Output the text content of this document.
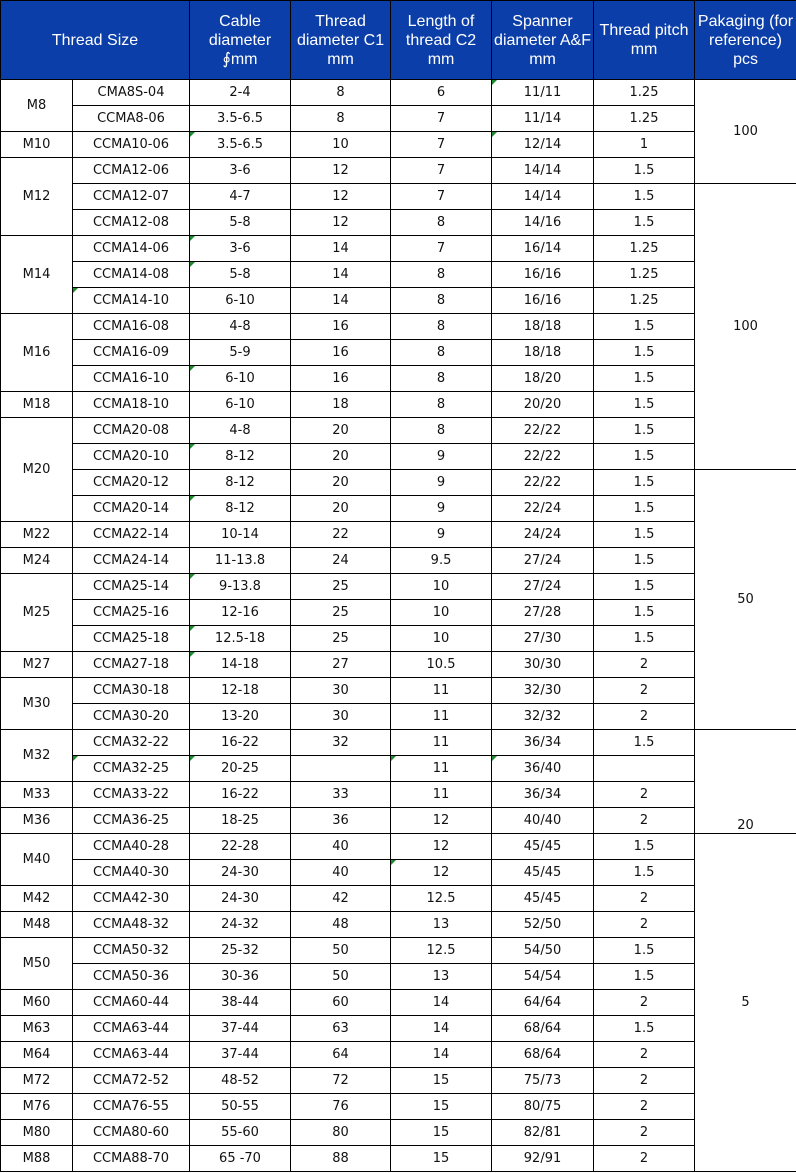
Thread Size		Cable diameter ∮mm	Thread diameter C1 mm	Length of thread C2 mm	Spanner diameter A&F mm	Thread pitch mm	Pakaging (for reference) pcs
M8	CMA8S-04	2-4	8	6	11/11	1.25	100
	CCMA8-06	3.5-6.5	8	7	11/14	1.25	
M10	CCMA10-06	3.5-6.5	10	7	12/14	1	
M12	CCMA12-06	3-6	12	7	14/14	1.5	
	CCMA12-07	4-7	12	7	14/14	1.5	100
	CCMA12-08	5-8	12	8	14/16	1.5	
M14	CCMA14-06	3-6	14	7	16/14	1.25	
	CCMA14-08	5-8	14	8	16/16	1.25	
	CCMA14-10	6-10	14	8	16/16	1.25	
M16	CCMA16-08	4-8	16	8	18/18	1.5	
	CCMA16-09	5-9	16	8	18/18	1.5	
	CCMA16-10	6-10	16	8	18/20	1.5	
M18	CCMA18-10	6-10	18	8	20/20	1.5	
M20	CCMA20-08	4-8	20	8	22/22	1.5	
	CCMA20-10	8-12	20	9	22/22	1.5	
	CCMA20-12	8-12	20	9	22/22	1.5	50
	CCMA20-14	8-12	20	9	22/24	1.5	
M22	CCMA22-14	10-14	22	9	24/24	1.5	
M24	CCMA24-14	11-13.8	24	9.5	27/24	1.5	
M25	CCMA25-14	9-13.8	25	10	27/24	1.5	
	CCMA25-16	12-16	25	10	27/28	1.5	
	CCMA25-18	12.5-18	25	10	27/30	1.5	
M27	CCMA27-18	14-18	27	10.5	30/30	2	
M30	CCMA30-18	12-18	30	11	32/30	2	
	CCMA30-20	13-20	30	11	32/32	2	
M32	CCMA32-22	16-22	32	11	36/34	1.5	20
	CCMA32-25	20-25		11	36/40		
M33	CCMA33-22	16-22	33	11	36/34	2	
M36	CCMA36-25	18-25	36	12	40/40	2	
M40	CCMA40-28	22-28	40	12	45/45	1.5	5
	CCMA40-30	24-30	40	12	45/45	1.5	
M42	CCMA42-30	24-30	42	12.5	45/45	2	
M48	CCMA48-32	24-32	48	13	52/50	2	
M50	CCMA50-32	25-32	50	12.5	54/50	1.5	
	CCMA50-36	30-36	50	13	54/54	1.5	
M60	CCMA60-44	38-44	60	14	64/64	2	
M63	CCMA63-44	37-44	63	14	68/64	1.5	
M64	CCMA63-44	37-44	64	14	68/64	2	
M72	CCMA72-52	48-52	72	15	75/73	2	
M76	CCMA76-55	50-55	76	15	80/75	2	
M80	CCMA80-60	55-60	80	15	82/81	2	
M88	CCMA88-70	65 -70	88	15	92/91	2	
